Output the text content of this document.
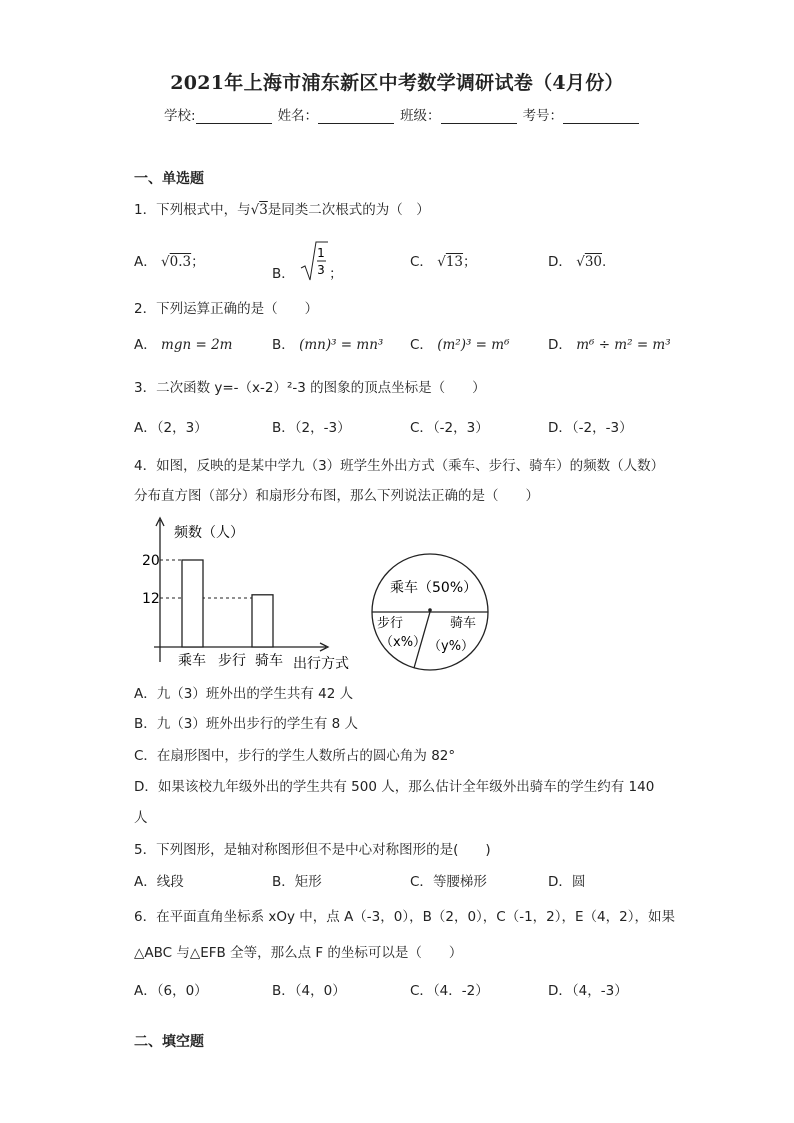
2021年上海市浦东新区中考数学调研试卷（4月份）
学校:	姓名：	班级：	考号：
一、单选题
1．下列根式中，与√3是同类二次根式的为（　）
A． √0.3；
B．
1
3 ；
C． √13；	D． √30.
2．下列运算正确的是（　　）
A． mgn = 2m	B． (mn)³ = mn³ C． (m²)³ = m⁶	D． m⁶ ÷ m² = m³
3．二次函数 y=-（x-2）²-3 的图象的顶点坐标是（　　）
A．（2，3）	B．（2，-3）	C．（-2，3）	D．（-2，-3）
4．如图，反映的是某中学九（3）班学生外出方式（乘车、步行、骑车）的频数（人数）
分布直方图（部分）和扇形分布图，那么下列说法正确的是（　　）
频数（人）
20
12
乘车 步行 骑车 出行方式
乘车（50%）
步行
（x%）
骑车
（y%）
A．九（3）班外出的学生共有 42 人
B．九（3）班外出步行的学生有 8 人
C．在扇形图中，步行的学生人数所占的圆心角为 82°
D．如果该校九年级外出的学生共有 500 人，那么估计全年级外出骑车的学生约有 140
人
5．下列图形，是轴对称图形但不是中心对称图形的是(　　)
A．线段	B．矩形	C．等腰梯形	D．圆
6．在平面直角坐标系 xOy 中，点 A（-3，0），B（2，0），C（-1，2），E（4，2），如果
△ABC 与△EFB 全等，那么点 F 的坐标可以是（　　）
A．（6，0）	B．（4，0）	C．（4．-2）	D．（4，-3）
二、填空题
